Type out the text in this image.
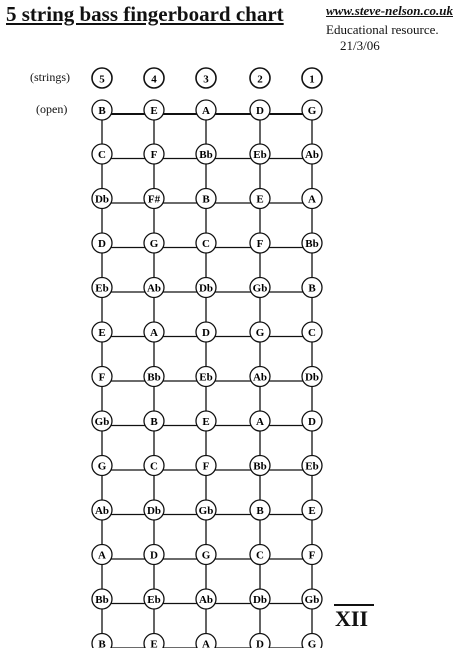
5 string bass fingerboard chart	www.steve-nelson.co.uk
Educational resource.
21/3/06
(strings)
(open)
XII
5	4	3	2	1
B	E	A	D	G
C	F	Bb	Eb	Ab
Db	F#	B	E	A
D	G	C	F	Bb
Eb	Ab	Db	Gb	B
E	A	D	G	C
F	Bb	Eb	Ab	Db
Gb	B	E	A	D
G	C	F	Bb	Eb
Ab	Db	Gb	B	E
A	D	G	C	F
Bb	Eb	Ab	Db	Gb
B	E	A	D	G
